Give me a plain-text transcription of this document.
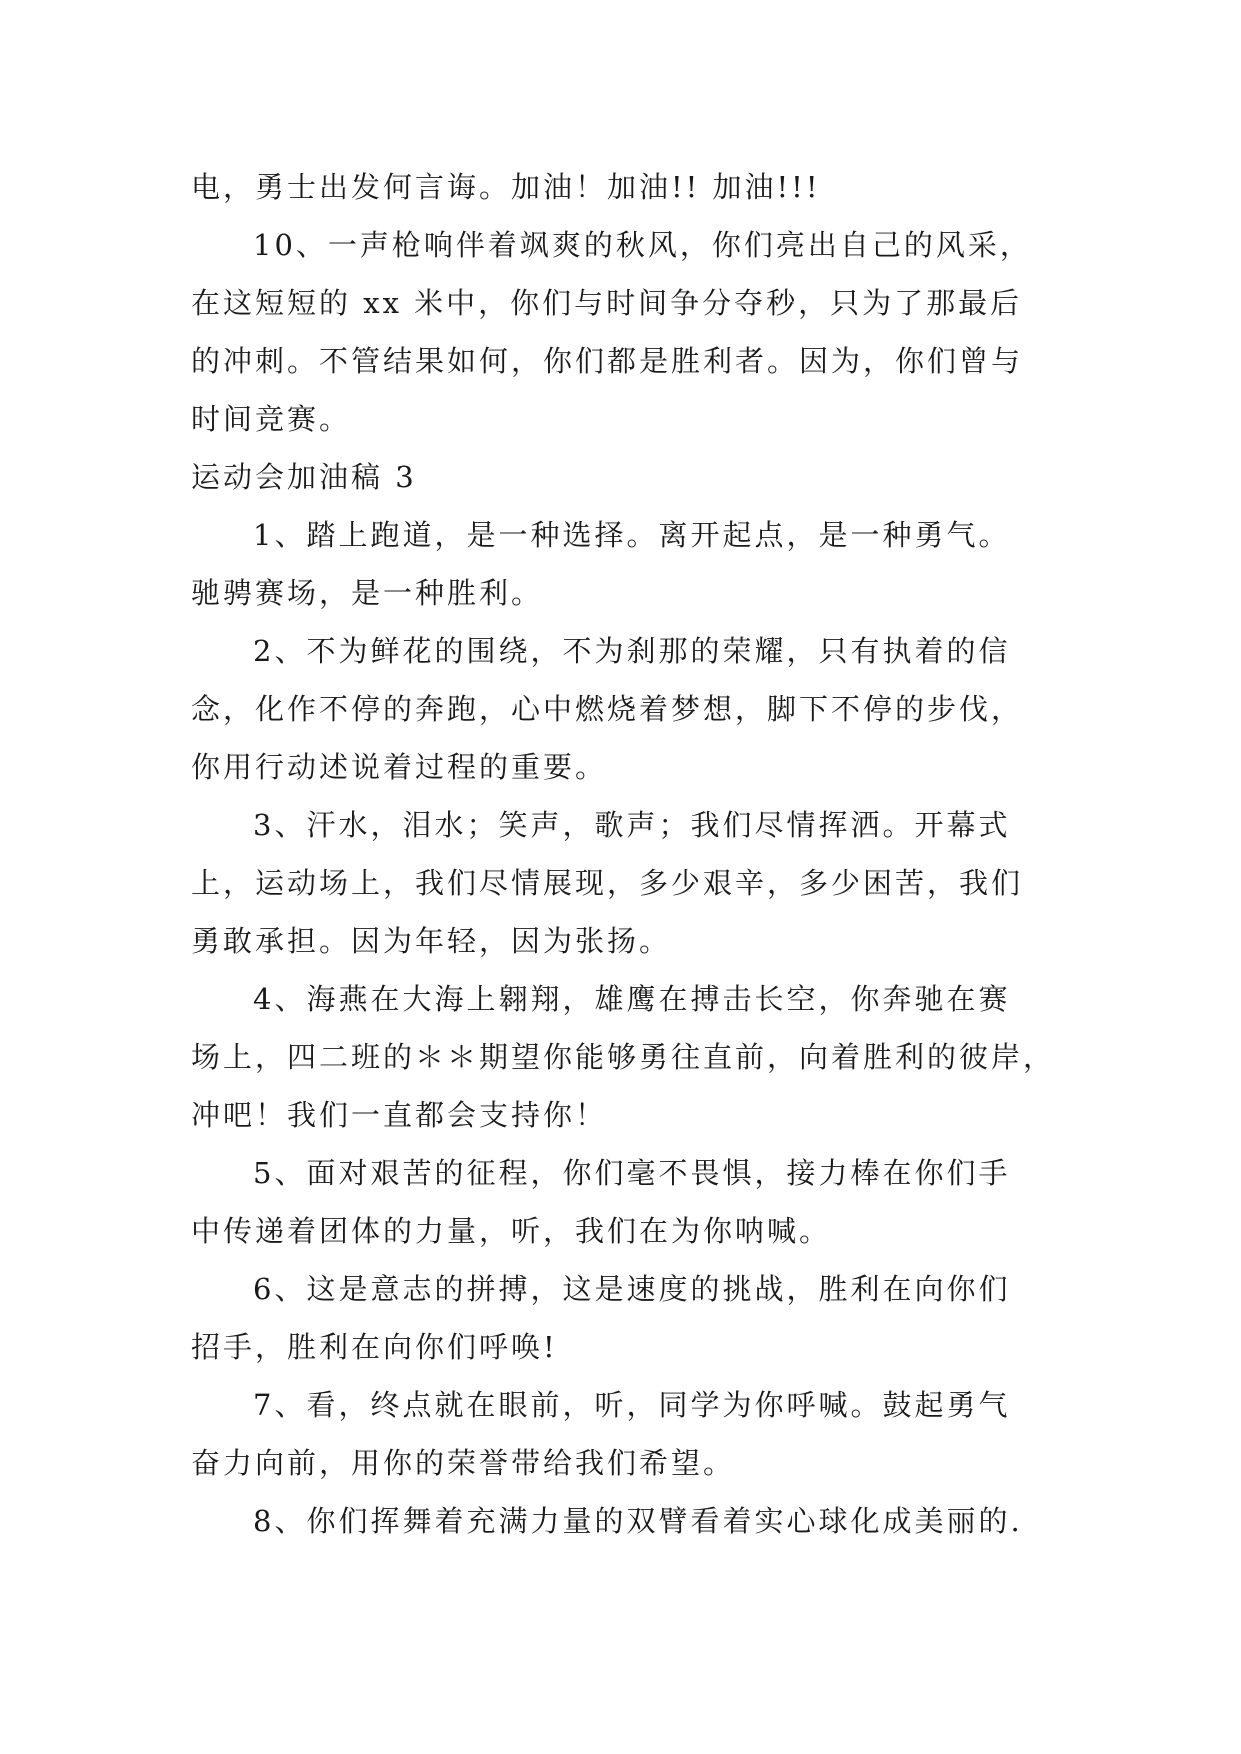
电，勇士出发何言诲。加油！加油!! 加油!!!
10、一声枪响伴着飒爽的秋风，你们亮出自己的风采，
在这短短的 xx 米中，你们与时间争分夺秒，只为了那最后
的冲刺。不管结果如何，你们都是胜利者。因为，你们曾与
时间竞赛。
运动会加油稿 3
1、踏上跑道，是一种选择。离开起点，是一种勇气。
驰骋赛场，是一种胜利。
2、不为鲜花的围绕，不为刹那的荣耀，只有执着的信
念，化作不停的奔跑，心中燃烧着梦想，脚下不停的步伐，
你用行动述说着过程的重要。
3、汗水，泪水；笑声，歌声；我们尽情挥洒。开幕式
上，运动场上，我们尽情展现，多少艰辛，多少困苦，我们
勇敢承担。因为年轻，因为张扬。
4、海燕在大海上翱翔，雄鹰在搏击长空，你奔驰在赛
场上，四二班的＊＊期望你能够勇往直前，向着胜利的彼岸，
冲吧！我们一直都会支持你！
5、面对艰苦的征程，你们毫不畏惧，接力棒在你们手
中传递着团体的力量，听，我们在为你呐喊。
6、这是意志的拼搏，这是速度的挑战，胜利在向你们
招手，胜利在向你们呼唤!
7、看，终点就在眼前，听，同学为你呼喊。鼓起勇气
奋力向前，用你的荣誉带给我们希望。
8、你们挥舞着充满力量的双臂看着实心球化成美丽的.
